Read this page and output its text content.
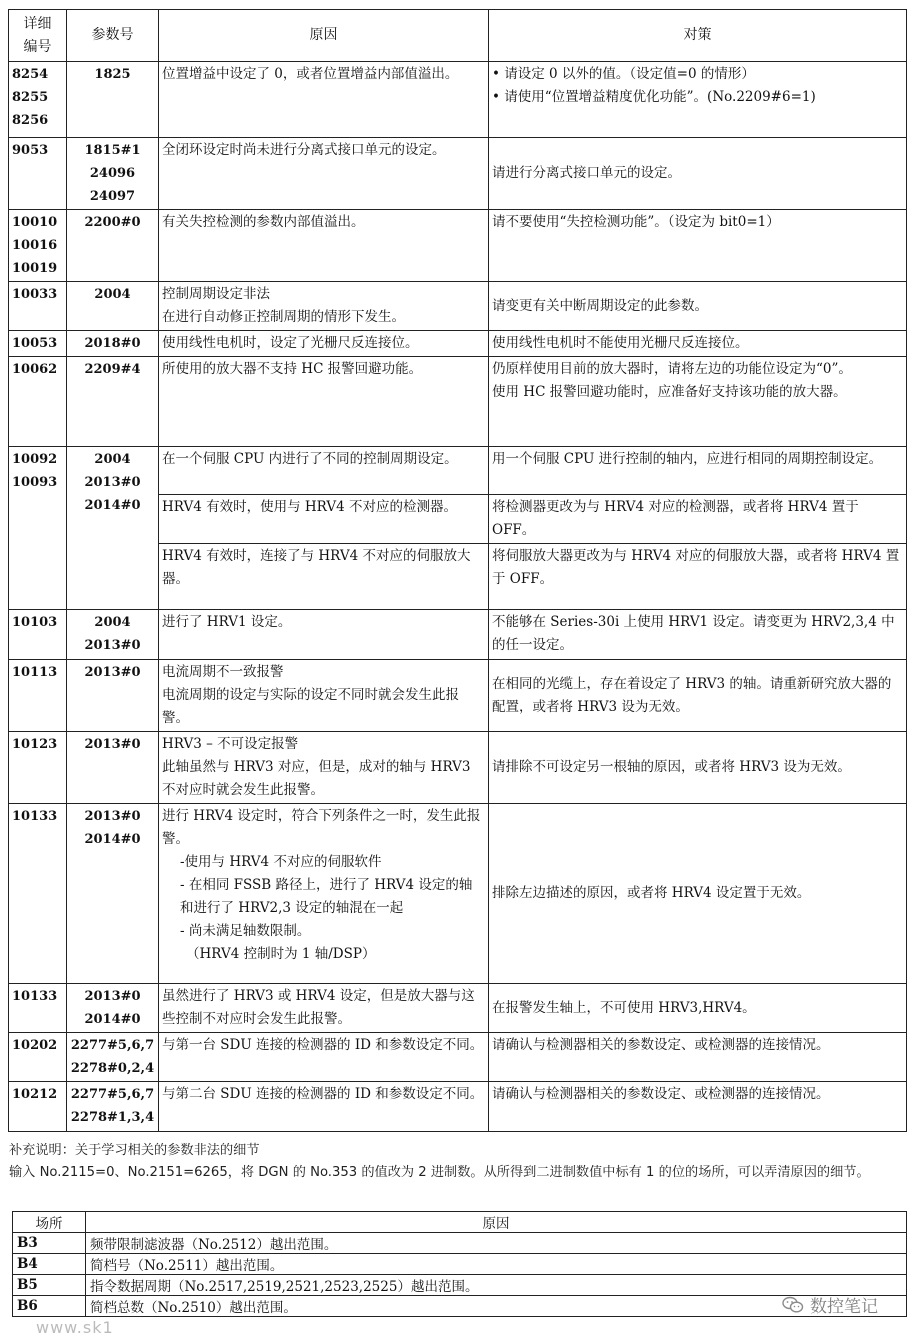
详细
编号	参数号	原因	对策

8254
8255
8256	1825	位置增益中设定了 0，或者位置增益内部值溢出。	• 请设定 0 以外的值。（设定值=0 的情形）
• 请使用“位置增益精度优化功能”。(No.2209#6=1)

9053	1815#1
24096
24097	全闭环设定时尚未进行分离式接口单元的设定。	请进行分离式接口单元的设定。

10010
10016
10019	2200#0	有关失控检测的参数内部值溢出。	请不要使用“失控检测功能”。（设定为 bit0=1）

10033	2004	控制周期设定非法
在进行自动修正控制周期的情形下发生。	请变更有关中断周期设定的此参数。

10053	2018#0	使用线性电机时，设定了光栅尺反连接位。	使用线性电机时不能使用光栅尺反连接位。

10062	2209#4	所使用的放大器不支持 HC 报警回避功能。	仍原样使用目前的放大器时，请将左边的功能位设定为“0”。
使用 HC 报警回避功能时，应准备好支持该功能的放大器。

10092
10093	2004
2013#0
2014#0	在一个伺服 CPU 内进行了不同的控制周期设定。	用一个伺服 CPU 进行控制的轴内，应进行相同的周期控制设定。

		HRV4 有效时，使用与 HRV4 不对应的检测器。	将检测器更改为与 HRV4 对应的检测器，或者将 HRV4 置于 OFF。

		HRV4 有效时，连接了与 HRV4 不对应的伺服放大器。	将伺服放大器更改为与 HRV4 对应的伺服放大器，或者将 HRV4 置于 OFF。

10103	2004
2013#0	进行了 HRV1 设定。	不能够在 Series-30i 上使用 HRV1 设定。请变更为 HRV2,3,4 中的任一设定。

10113	2013#0	电流周期不一致报警
电流周期的设定与实际的设定不同时就会发生此报警。	在相同的光缆上，存在着设定了 HRV3 的轴。请重新研究放大器的配置，或者将 HRV3 设为无效。

10123	2013#0	HRV3 – 不可设定报警
此轴虽然与 HRV3 对应，但是，成对的轴与 HRV3 不对应时就会发生此报警。	请排除不可设定另一根轴的原因，或者将 HRV3 设为无效。

10133	2013#0
2014#0	进行 HRV4 设定时，符合下列条件之一时，发生此报警。
-使用与 HRV4 不对应的伺服软件
- 在相同 FSSB 路径上，进行了 HRV4 设定的轴和进行了 HRV2,3 设定的轴混在一起
- 尚未满足轴数限制。
（HRV4 控制时为 1 轴/DSP）	排除左边描述的原因，或者将 HRV4 设定置于无效。

10133	2013#0
2014#0	虽然进行了 HRV3 或 HRV4 设定，但是放大器与这些控制不对应时会发生此报警。	在报警发生轴上，不可使用 HRV3,HRV4。

10202	2277#5,6,7
2278#0,2,4	与第一台 SDU 连接的检测器的 ID 和参数设定不同。	请确认与检测器相关的参数设定、或检测器的连接情况。

10212	2277#5,6,7
2278#1,3,4	与第二台 SDU 连接的检测器的 ID 和参数设定不同。	请确认与检测器相关的参数设定、或检测器的连接情况。
补充说明：关于学习相关的参数非法的细节
输入 No.2115=0、No.2151=6265，将 DGN 的 No.353 的值改为 2 进制数。从所得到二进制数值中标有 1 的位的场所，可以弄清原因的细节。
场所	原因
B3	频带限制滤波器（No.2512）越出范围。
B4	简档号（No.2511）越出范围。
B5	指令数据周期（No.2517,2519,2521,2523,2525）越出范围。
B6	简档总数（No.2510）越出范围。	数控笔记
www.sk1
